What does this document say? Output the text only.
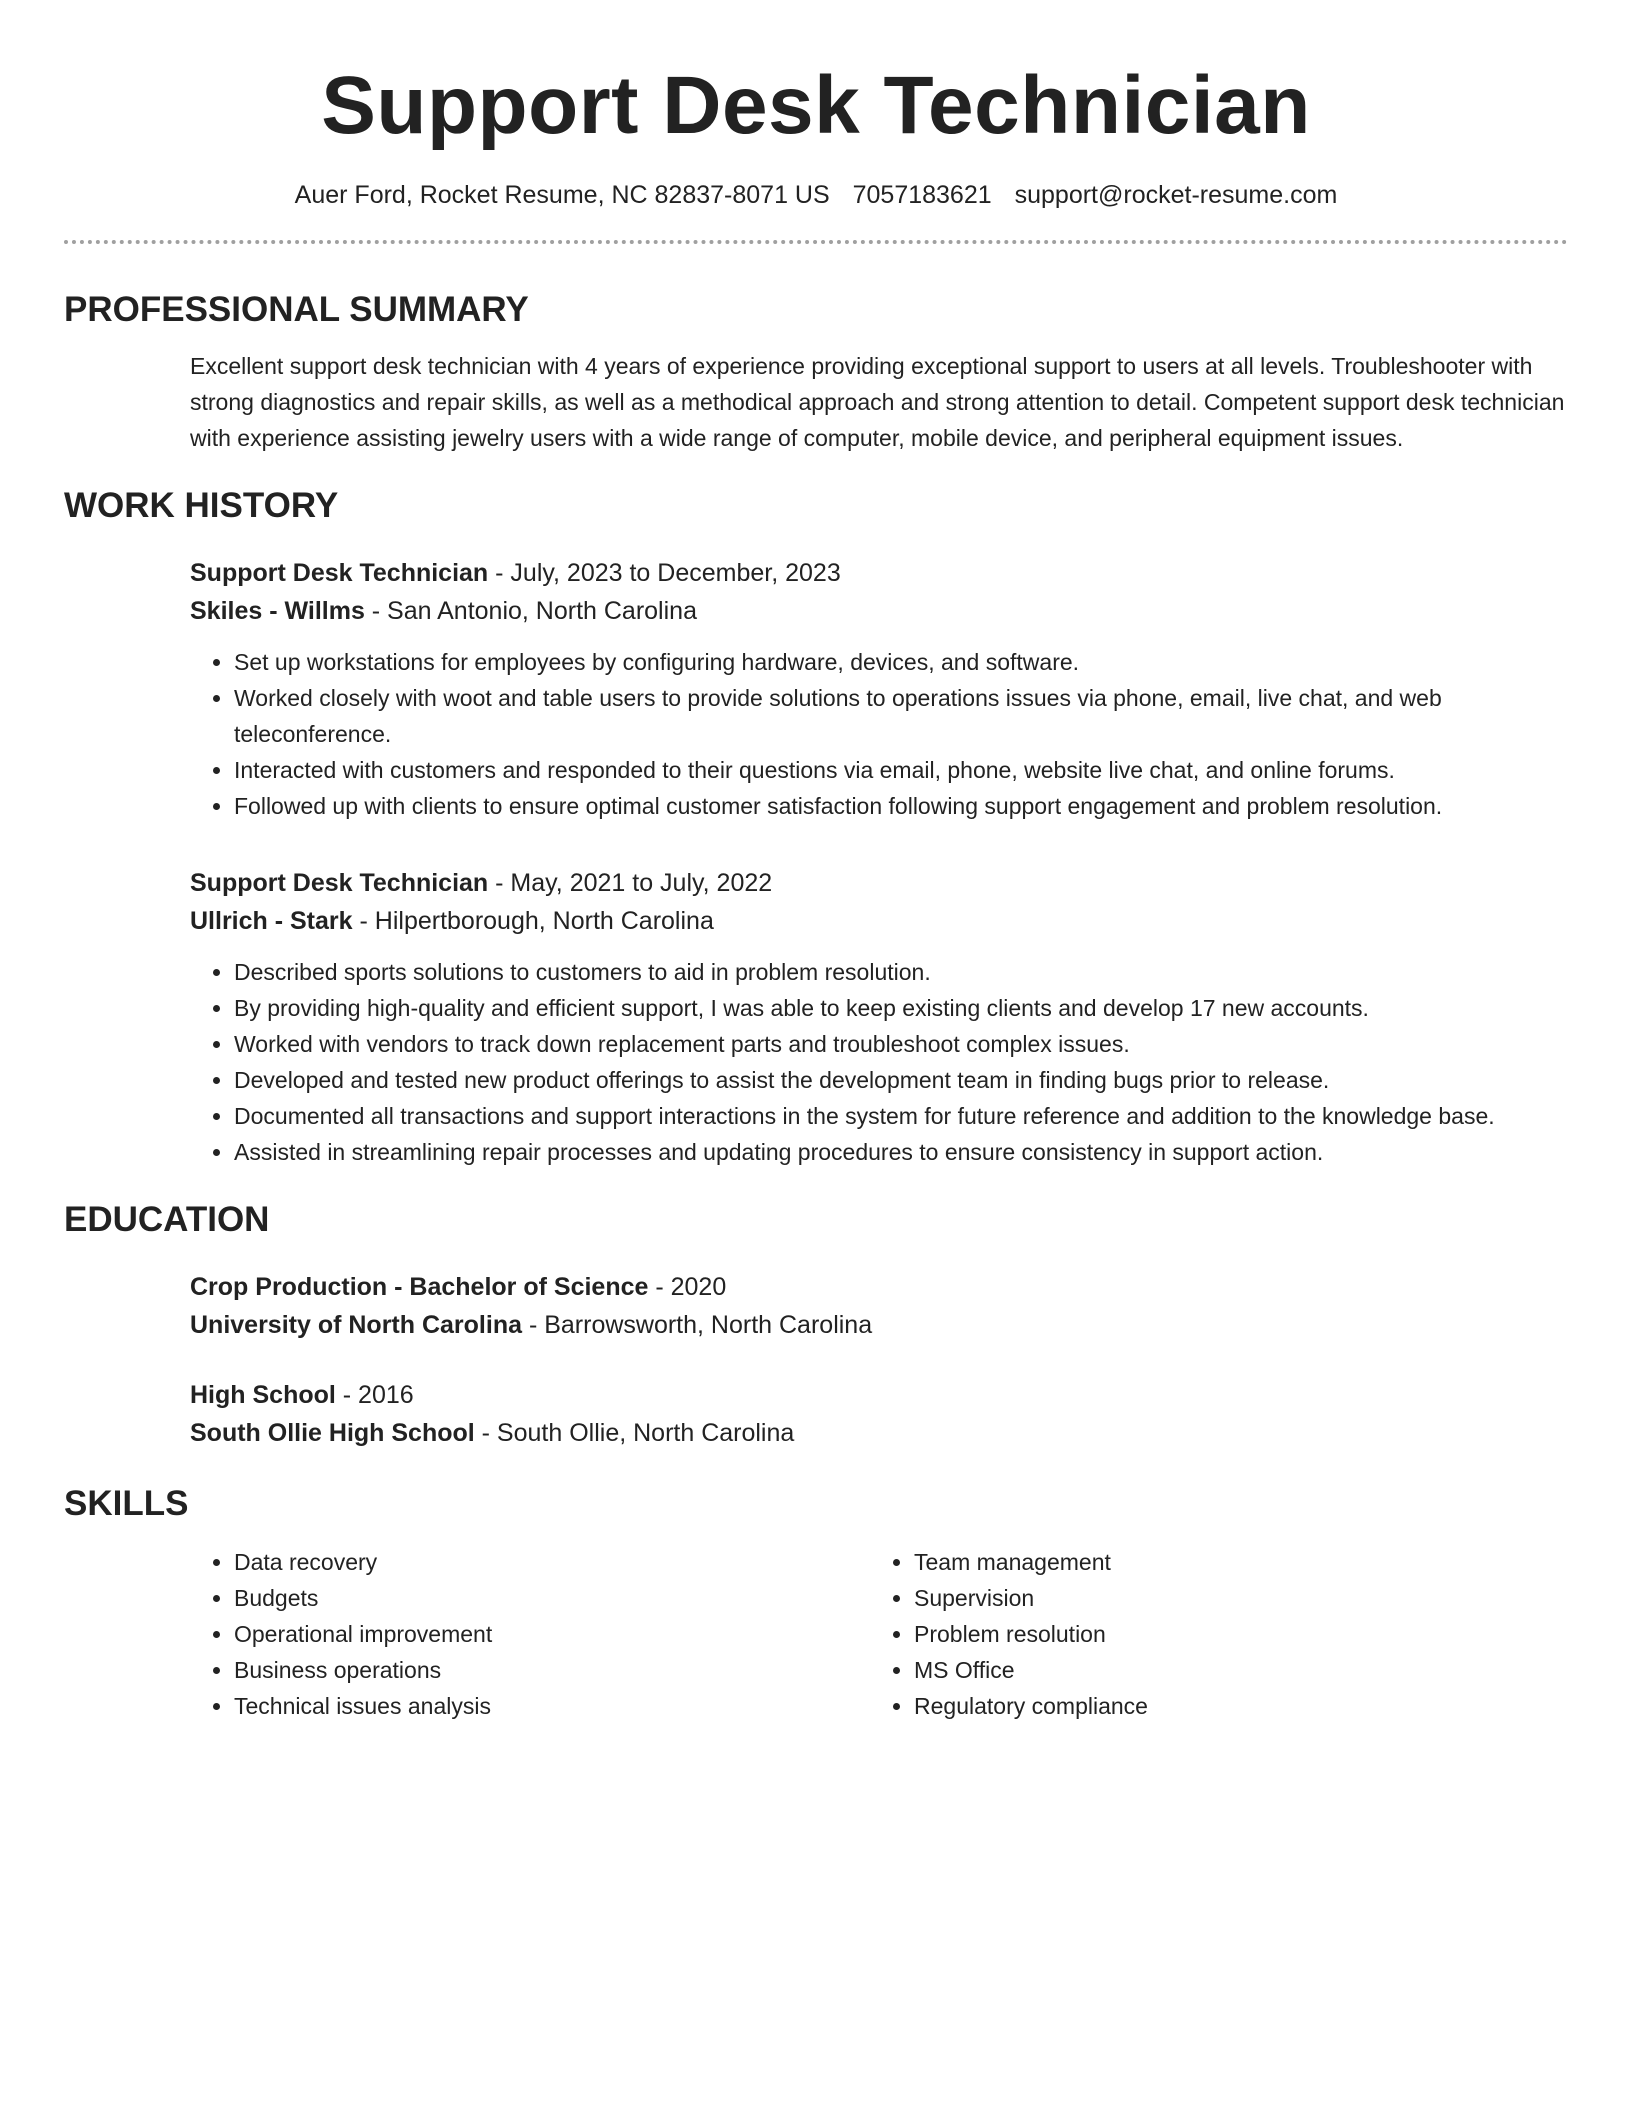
Support Desk Technician
Auer Ford, Rocket Resume, NC 82837-8071 US 7057183621 support@rocket-resume.com
PROFESSIONAL SUMMARY

Excellent support desk technician with 4 years of experience providing exceptional support to users at all levels. Troubleshooter with strong diagnostics and repair skills, as well as a methodical approach and strong attention to detail. Competent support desk technician with experience assisting jewelry users with a wide range of computer, mobile device, and peripheral equipment issues.

WORK HISTORY
Support Desk Technician - July, 2023 to December, 2023
Skiles - Willms - San Antonio, North Carolina
• Set up workstations for employees by configuring hardware, devices, and software.
• Worked closely with woot and table users to provide solutions to operations issues via phone, email, live chat, and web teleconference.
• Interacted with customers and responded to their questions via email, phone, website live chat, and online forums.
• Followed up with clients to ensure optimal customer satisfaction following support engagement and problem resolution.
Support Desk Technician - May, 2021 to July, 2022
Ullrich - Stark - Hilpertborough, North Carolina
• Described sports solutions to customers to aid in problem resolution.
• By providing high-quality and efficient support, I was able to keep existing clients and develop 17 new accounts.
• Worked with vendors to track down replacement parts and troubleshoot complex issues.
• Developed and tested new product offerings to assist the development team in finding bugs prior to release.
• Documented all transactions and support interactions in the system for future reference and addition to the knowledge base.
• Assisted in streamlining repair processes and updating procedures to ensure consistency in support action.
EDUCATION
Crop Production - Bachelor of Science - 2020
University of North Carolina - Barrowsworth, North Carolina
High School - 2016
South Ollie High School - South Ollie, North Carolina
SKILLS
• Data recovery
• Budgets
• Operational improvement
• Business operations
• Technical issues analysis
• Team management
• Supervision
• Problem resolution
• MS Office
• Regulatory compliance
